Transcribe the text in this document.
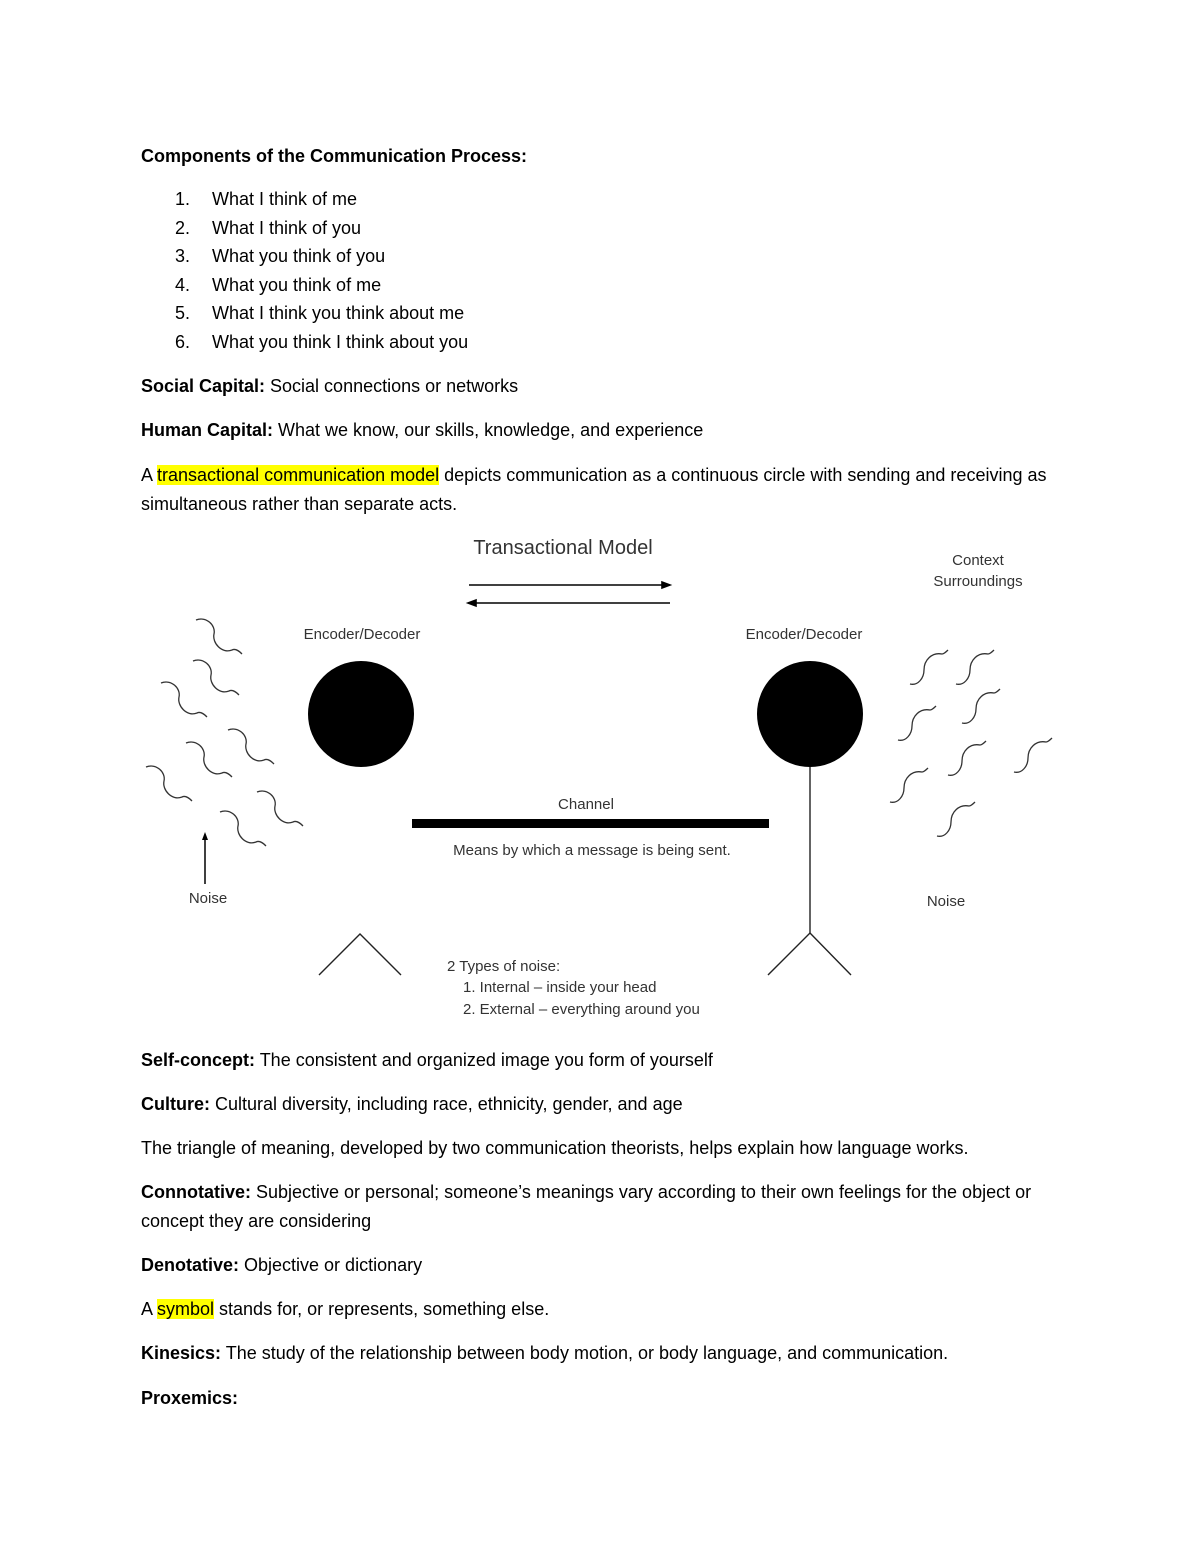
Components of the Communication Process:
1. What I think of me
2. What I think of you
3. What you think of you
4. What you think of me
5. What I think you think about me
6. What you think I think about you
Social Capital: Social connections or networks
Human Capital: What we know, our skills, knowledge, and experience
A transactional communication model depicts communication as a continuous circle with sending and receiving as simultaneous rather than separate acts.
Transactional Model
Context
Surroundings
Encoder/Decoder	Encoder/Decoder
Channel
Means by which a message is being sent.
Noise	Noise
2 Types of noise:
1. Internal – inside your head
2. External – everything around you
Self-concept: The consistent and organized image you form of yourself
Culture: Cultural diversity, including race, ethnicity, gender, and age
The triangle of meaning, developed by two communication theorists, helps explain how language works.
Connotative: Subjective or personal; someone’s meanings vary according to their own feelings for the object or concept they are considering
Denotative: Objective or dictionary
A symbol stands for, or represents, something else.
Kinesics: The study of the relationship between body motion, or body language, and communication.
Proxemics:
